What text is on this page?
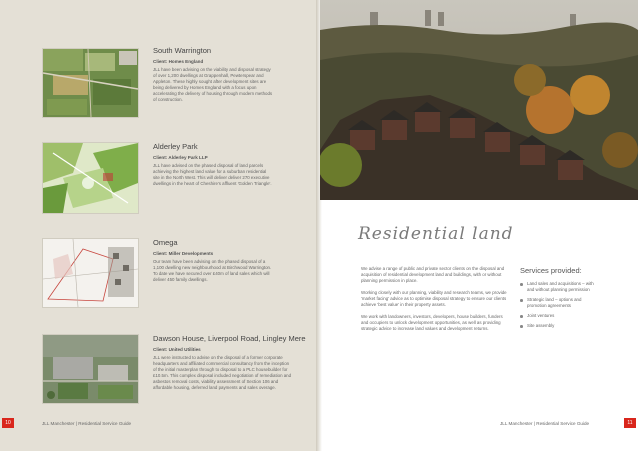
South Warrington
Client: Homes England

JLL have been advising on the viability and disposal strategy of over 1,200 dwellings at Grappenhall, Pewterspear and Appleton. These highly sought after development sites are being delivered by Homes England with a focus upon accelerating the delivery of housing through modern methods of construction.

Alderley Park
Client: Alderley Park LLP

JLL have advised on the phased disposal of land parcels achieving the highest land value for a suburban residential site in the North West. This will deliver deliver 270 executive dwellings in the heart of Cheshire's affluent 'Golden Triangle'.

Omega
Client: Miller Developments

Our team have been advising on the phased disposal of a 1,100 dwelling new neighbourhood at Birchwood Warrington. To date we have secured over £40m of land sales which will deliver 450 family dwellings.

Dawson House, Liverpool Road, Lingley Mere
Client: United Utilities

JLL were instructed to advise on the disposal of a former corporate headquarters and affiliated commercial consultancy from the inception of the initial masterplan through to disposal to a PLC housebuilder for £10.5m. This complex disposal included negotiation of remediation and asbestos removal costs, viability assessment of Section 106 and affordable housing, deferred land payments and sales overage.

Residential land

We advise a range of public and private sector clients on the disposal and acquisition of residential development land and buildings, with or without planning permission in place.

Working closely with our planning, viability and research teams, we provide 'market facing' advice as to optimise disposal strategy to ensure our clients achieve 'best value' in their property assets.

We work with landowners, investors, developers, house builders, funders and occupiers to unlock development opportunities, as well as providing strategic advice to increase land values and development returns.

Services provided:
Land sales and acquisitions – with and without planning permission
Strategic land – options and promotion agreements
Joint ventures
Site assembly
10	JLL Manchester | Residential Service Guide	JLL Manchester | Residential Service Guide	11
